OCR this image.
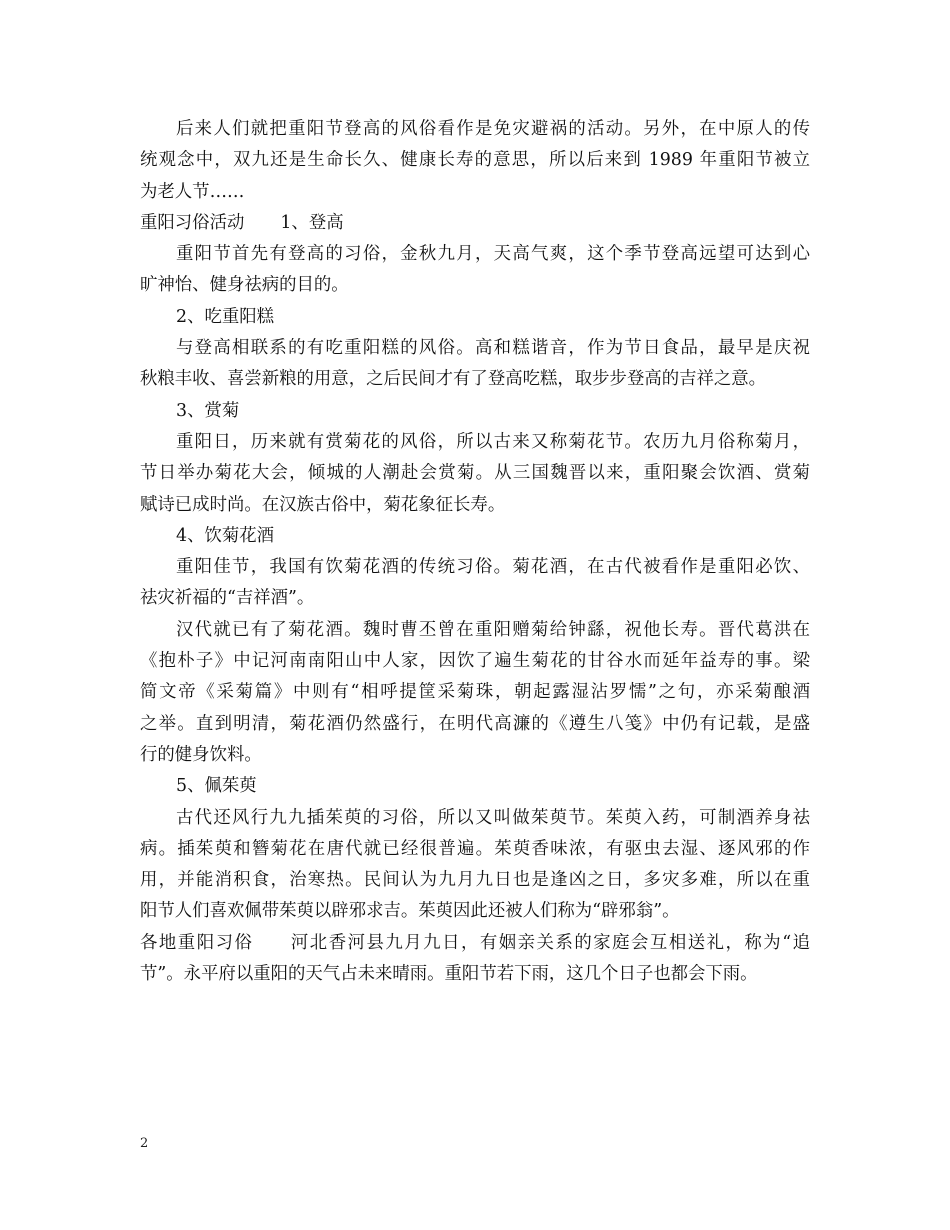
后来人们就把重阳节登高的风俗看作是免灾避祸的活动。另外，在中原人的传
统观念中，双九还是生命长久、健康长寿的意思，所以后来到 1989 年重阳节被立
为老人节……
重阳习俗活动 1、登高
重阳节首先有登高的习俗，金秋九月，天高气爽，这个季节登高远望可达到心
旷神怡、健身祛病的目的。
2、吃重阳糕
与登高相联系的有吃重阳糕的风俗。高和糕谐音，作为节日食品，最早是庆祝
秋粮丰收、喜尝新粮的用意，之后民间才有了登高吃糕，取步步登高的吉祥之意。
3、赏菊
重阳日，历来就有赏菊花的风俗，所以古来又称菊花节。农历九月俗称菊月，
节日举办菊花大会，倾城的人潮赴会赏菊。从三国魏晋以来，重阳聚会饮酒、赏菊
赋诗已成时尚。在汉族古俗中，菊花象征长寿。
4、饮菊花酒
重阳佳节，我国有饮菊花酒的传统习俗。菊花酒，在古代被看作是重阳必饮、
祛灾祈福的“吉祥酒”。
汉代就已有了菊花酒。魏时曹丕曾在重阳赠菊给钟繇，祝他长寿。晋代葛洪在
《抱朴子》中记河南南阳山中人家，因饮了遍生菊花的甘谷水而延年益寿的事。梁
简文帝《采菊篇》中则有“相呼提筐采菊珠，朝起露湿沾罗懦”之句，亦采菊酿酒
之举。直到明清，菊花酒仍然盛行，在明代高濂的《遵生八笺》中仍有记载，是盛
行的健身饮料。
5、佩茱萸
古代还风行九九插茱萸的习俗，所以又叫做茱萸节。茱萸入药，可制酒养身祛
病。插茱萸和簪菊花在唐代就已经很普遍。茱萸香味浓，有驱虫去湿、逐风邪的作
用，并能消积食，治寒热。民间认为九月九日也是逢凶之日，多灾多难，所以在重
阳节人们喜欢佩带茱萸以辟邪求吉。茱萸因此还被人们称为“辟邪翁”。
各地重阳习俗 河北香河县九月九日，有姻亲关系的家庭会互相送礼，称为“追
节”。永平府以重阳的天气占未来晴雨。重阳节若下雨，这几个日子也都会下雨。
2
